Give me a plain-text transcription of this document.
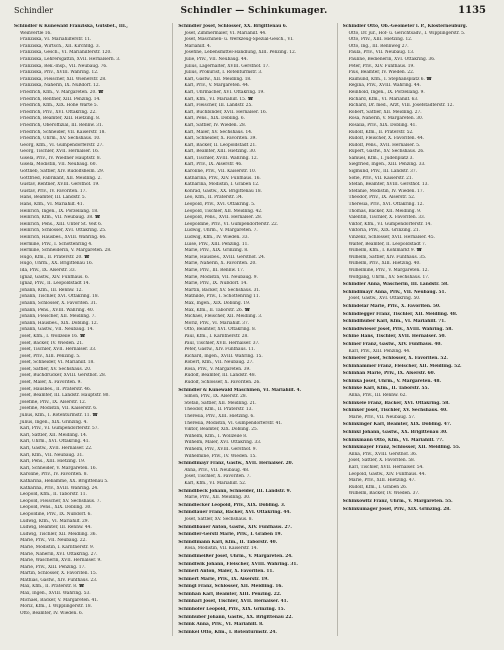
Schindler	Schindler — Schinkumager.	1135
Schindler & Kunewald Franziska, Gutsbef., III.,
Weinvertle 16.
Franziska, VI. Mariahilferstr. 11.
Franziska, Wirtsch., XII. Kirchfdg. 3.
Franziska, Gesch., VI. Mariahilferstr. 120.
Franziska, Lehrersgattin, XVII. Hernalserh. 3.
Franziska, Rek.-Insp., VII. Neubaug. 76.
Franziska, Priv., XVIII. Währing. 12.
Franziska, Fleischer, XII. Wienerstr. 28.
Franziska, Näherin, IX. Nußdorf. 12.
Friedrich, Kfm., V. Margareten. 20. ☎
Friedrich, Rentner, XIII. Penzing. 14.
Friedrich, Kfm., XIX. Hohe Warte 5.
Friedrich, Priv., XVI. Ottakring. 22.
Friedrich, Beamter, XIII. Hietzing. 8.
Friedrich, Oberoffizial, III. Rennw. 31.
Friedrich, Schneider, VII. Kaiserstr. 18.
Friedrich, Uhrm., XV. Sechshaus. 10.
Georg, Kfm., VI. Gumpendorferstr. 27.
Georg, Tischler, XVII. Hernalser. 16.
Gisela, Priv., IV. Wiedner Hauptstr. 8.
Gisela, Modistin, VII. Neubaug. 60.
Gottlieb, Sattler, XIV. Rudolfsheim. 29.
Gottfried, Fabrikant, XII. Meidling. 2.
Gustav, Rentner, XVIII. Gersthof. 19.
Gustav, Priv., IV. Favoriten. 17.
Hans, Beamter, III. Landstr. 5.
Hans, Kfm., VI. Mariahilf. 41.
Heinrich, Ingen., IX. Porzellang. 18.
Heinrich, Kfm., VII. Neubaug. 38. ☎
Heinrich, Pens., XIII. Unter St. Veit 6.
Heinrich, Schlosser, XVI. Ottakring. 25.
Heinrich, Hausbes., XVIII. Währing. 66.
Hermine, Priv., I. Schottenring 4.
Hermine, Schneiderin, V. Margareten. 28.
Hugo, Kfm., II. Praterstr. 20. ☎
Hugo, Uhrm., XX. Brigittenau 16.
Ida, Priv., IX. Alserstr. 33.
Ignaz, Gastw., XIV. Fünfhaus. 6.
Ignaz, Priv., II. Leopoldstadt 14.
Johann, Kfm., III. Rennw. 12.
Johann, Tischler, XVI. Ottakring. 18.
Johann, Schlosser, X. Favoriten. 31.
Johann, Pens., XVIII. Währing. 40.
Johann, Fleischer, XII. Meidling. 7.
Johann, Hausbes., XIX. Döbling. 12.
Johann, Gastw., VII. Neubaug. 14.
Josef, Kfm., I. Wollzeile 16. ☎
Josef, Bäcker, IV. Wieden. 21.
Josef, Tischler, XVII. Hernalser. 33.
Josef, Priv., XIII. Penzing. 5.
Josef, Schneider, VI. Mariahilf. 18.
Josef, Sattler, XV. Sechshaus. 20.
Josef, Buchdrucker, XVIII. Gersthof. 28.
Josef, Maler, X. Favoriten. 9.
Josef, Hausbes., II. Praterstr. 46.
Josef, Beamter, III. Landstr. Hauptstr. 80.
Josefine, Priv., IX. Alserstr. 12.
Josefine, Modistin, VII. Kaiserstr. 6.
Julius, Kfm., I. Rotenturmstr. 11. ☎
Julius, Ingen., XIX. Grinzing. 4.
Karl, Priv., VI. Gumpendorferstr. 57.
Karl, Sattler, XII. Meidling. 14.
Karl, Uhrm., XVI. Ottakring. 41.
Karl, Gastw., XVII. Hernalser. 22.
Karl, Kfm., VII. Neubaug. 31.
Karl, Pens., XIII. Hietzing. 19.
Karl, Schneider, V. Margareten. 16.
Karoline, Priv., IV. Favoriten. 8.
Katharina, Hebamme, XX. Brigittenau 5.
Katharina, Priv., XVIII. Währing. 24.
Leopold, Kfm., II. Taborstr. 11.
Leopold, Fleischer, XV. Sechshaus. 7.
Leopold, Pens., XIX. Döbling. 30.
Leopoldine, Priv., IX. Nußdorf. 6.
Ludwig, Kfm., VI. Mariahilf. 29.
Ludwig, Beamter, III. Rennw. 44.
Ludwig, Tischler, XII. Meidling. 36.
Marie, Priv., VII. Neubaug. 22.
Marie, Modistin, I. Kärntnerstr. 9.
Marie, Näherin, XVI. Ottakring. 27.
Marie, Wäscherin, XVII. Hernalser. 9.
Marie, Priv., XIII. Penzing. 17.
Martin, Schlosser, X. Favoriten. 15.
Mathias, Gastw., XIV. Fünfhaus. 23.
Max, Kfm., II. Praterstr. 8. ☎
Max, Ingen., XVIII. Währing. 53.
Michael, Bäcker, V. Margareten. 41.
Moriz, Kfm., I. Wipplingerstr. 18.
Otto, Beamter, IV. Wieden. 6.
Schindler Josef, Schlosser, XX. Brigittenau 6.
Josef, Zimmermaler, VI. Mariahilf. 44.
Josef, Maschinen- u. Werkzeug-Spezial-Gesch., VI.
Mariahilf. 4.
Josefine, Lebensmittel-Handlung, XIII. Penzing. 12.
Julie, Priv., VII. Neubaug. 44.
Julius, Lagerhalter, XVIII. Gersthof. 17.
Julius, Prokurist, I. Rotenturmstr. 3.
Karl, Gastw., XII. Meidling. 18.
Karl, Priv., V. Margareten. 44.
Karl, Uhrmacher, XVI. Ottakring. 19.
Karl, Kfm., VI. Mariahilf. 15. ☎
Karl, Fleischer, III. Landstr. 25.
Karl, Buchbinder, XVII. Hernalser. 16.
Karl, Pens., XIX. Döbling. 6.
Karl, Sattler, IV. Wieden. 28.
Karl, Maler, XV. Sechshaus. 14.
Karl, Schneider, X. Favoriten. 39.
Karl, Bäcker, II. Leopoldstadt 21.
Karl, Beamter, XIII. Hietzing. 30.
Karl, Tischler, XVIII. Währing. 12.
Karl, Priv., IX. Alserstr. 46.
Karoline, Priv., VII. Kaiserstr. 10.
Katharina, Priv., XIV. Fünfhaus. 16.
Katharina, Modistin, I. Graben 12.
Konrad, Gastw., XX. Brigittenau 18.
Leo, Kfm., II. Praterstr. 34.
Leopold, Priv., XVI. Ottakring. 5.
Leopold, Tischler, XII. Meidling. 42.
Leopold, Pens., XVII. Hernalser. 28.
Leopoldine, Priv., VI. Gumpendorferstr. 22.
Ludwig, Uhrm., V. Margareten. 7.
Ludwig, Kfm., IV. Wieden. 33.
Luise, Priv., XIII. Penzing. 11.
Marie, Priv., XIX. Grinzing. 8.
Marie, Hausbes., XVIII. Gersthof. 24.
Marie, Näherin, X. Favoriten. 20.
Marie, Priv., III. Rennw. 17.
Marie, Modistin, VII. Neubaug. 9.
Marie, Priv., IX. Nußdorf. 14.
Martin, Bäcker, XV. Sechshaus. 31.
Mathilde, Priv., I. Schottenring 11.
Max, Ingen., XIX. Döbling. 19.
Max, Kfm., II. Taborstr. 26. ☎
Michael, Fleischer, XII. Meidling. 3.
Moriz, Priv., VI. Mariahilf. 37.
Otto, Beamter, XVI. Ottakring. 8.
Paul, Kfm., I. Kärntnerstr. 28.
Paul, Tischler, XVII. Hernalser. 37.
Peter, Gastw., XIV. Fünfhaus. 11.
Richard, Ingen., XVIII. Währing. 15.
Robert, Kfm., VII. Neubaug. 27.
Rosa, Priv., V. Margareten. 39.
Rudolf, Beamter, III. Landstr. 48.
Rudolf, Schlosser, X. Favoriten. 26.
Schindler & Kunewald Maschinen, VI. Mariahilf. 4.
Simon, Priv., IX. Alserstr. 28.
Stefan, Sattler, XII. Meidling. 21.
Theodor, Kfm., II. Praterstr. 13.
Theresia, Priv., XIII. Hietzing. 6.
Theresia, Modistin, VI. Gumpendorferstr. 41.
Viktor, Beamter, XIX. Döbling. 25.
Wilhelm, Kfm., I. Wollzeile 8.
Wilhelm, Maler, XVI. Ottakring. 33.
Wilhelm, Priv., XVIII. Gersthof. 9.
Wilhelmine, Priv., IV. Wieden. 15.
Schindlmayr Franz, Gastw., XVII. Hernalser. 20.
Anna, Priv., VII. Neubaug. 48.
Josef, Tischler, X. Favoriten. 7.
Karl, Kfm., VI. Mariahilf. 52.
Schindlbeck Johann, Schneider, III. Landstr. 9.
Marie, Priv., XII. Meidling. 30.
Schindlecker Leopold, Priv., XIX. Döbling. 3.
Schindlauer Franz, Bäcker, XVI. Ottakring. 44.
Josef, Sattler, XV. Sechshaus. 8.
Schindlbauer Anton, Gastw., XIV. Fünfhaus. 27.
Schindler-Gerstl Marie, Priv., I. Graben 19.
Schindlmann Karl, Kfm., II. Taborstr. 40.
Rosa, Modistin, VII. Kaiserstr. 14.
Schindlmeißer Josef, Uhrm., V. Margareten. 24.
Schindlwik Johann, Fleischer, XVIII. Währing. 31.
Schinerl Anton, Maler, X. Favoriten. 11.
Schinert Marie, Priv., IX. Alserstr. 19.
Schingl Franz, Schlosser, XII. Meidling. 16.
Schinhan Karl, Beamter, XIII. Penzing. 22.
Schinharl Josef, Tischler, XVII. Hernalser. 41.
Schinhofer Leopold, Priv., XIX. Grinzing. 15.
Schinhuber Johann, Gastw., XX. Brigittenau 22.
Schink Anna, Priv., VI. Mariahilf. 8.
Schinkel Otto, Kfm., I. Rotenturmstr. 24.
Schindler Otto, Ob.-Geometer i. P., Klosterneuburg.
Otto, Dr. jur., Hof- u. Gerichtsadv., I. Wipplingerstr. 5.
Otto, Priv., XIII. Hietzing. 12.
Otto, Ing., III. Rennweg 27.
Paula, Priv., VII. Neubaug. 13.
Pauline, Bedienerin, XVI. Ottakring. 36.
Peter, Priv., XIV. Fünfhaus. 19.
Pius, Beamter, IV. Wieden. 22.
Raimund, Kfm., I. Stephansplatz 6. ☎
Regina, Priv., XVIII. Währing. 44.
Reinhold, Ingen., IX. Porzellang. 9.
Richard, Kfm., VI. Mariahilf. 63.
Richard, Dr. med., Arzt, VIII. Josefstädterstr. 12.
Robert, Sattler, XII. Meidling. 27.
Rosa, Näherin, V. Margareten. 30.
Rosalia, Priv., XIX. Döbling. 41.
Rudolf, Kfm., II. Praterstr. 52.
Rudolf, Fleischer, X. Favoriten. 44.
Rudolf, Pens., XVII. Hernalser. 5.
Rupert, Gastw., XV. Sechshaus. 26.
Samuel, Kfm., I. Judenplatz 3.
Siegfried, Ingen., XIII. Penzing. 33.
Sigmund, Priv., III. Landstr. 37.
Sofie, Priv., VII. Kaiserstr. 21.
Stefan, Beamter, XVIII. Gersthof. 13.
Stefanie, Modistin, IV. Wieden. 17.
Theodor, Priv., IX. Alserstr. 52.
Theresia, Priv., XVI. Ottakring. 12.
Thomas, Bäcker, XII. Meidling. 9.
Valentin, Tischler, X. Favoriten. 33.
Viktor, Kfm., VI. Gumpendorferstr. 14.
Viktoria, Priv., XIX. Grinzing. 21.
Vinzenz, Schlosser, XVII. Hernalser. 45.
Walter, Beamter, II. Leopoldstadt 7.
Wilhelm, Kfm., I. Kohlmarkt 9. ☎
Wilhelm, Sattler, XIV. Fünfhaus. 35.
Wilhelm, Priv., XIII. Hietzing. 40.
Wilhelmine, Priv., V. Margareten. 12.
Wolfgang, Uhrm., XV. Sechshaus. 17.
Schindler Anna, Wäscherin, III. Landstr. 58.
Schindlmayr Anna, Priv., VII. Neubaug. 51.
Josef, Gastw., XVI. Ottakring. 50.
Schindelar Marie, Priv., X. Favoriten. 50.
Schindlegger Franz, Tischler, XII. Meidling. 48.
Schindlhuber Karl, Kfm., VI. Mariahilf. 71.
Schindlwieser Josef, Priv., XVIII. Währing. 58.
Schine Hans, Tischler, XVII. Hernalser. 50.
Schiner Franz, Gastw., XIV. Fünfhaus. 40.
Karl, Priv., XIII. Penzing. 44.
Schinerer Josef, Schlosser, X. Favoriten. 52.
Schinhammer Franz, Fleischer, XII. Meidling. 52.
Schinhan Marie, Priv., IX. Alserstr. 60.
Schinka Josef, Uhrm., V. Margareten. 48.
Schinke Karl, Kfm., II. Taborstr. 55.
Anna, Priv., III. Rennw. 62.
Schinkele Franz, Bäcker, XVI. Ottakring. 58.
Schinker Josef, Tischler, XV. Sechshaus. 40.
Marie, Priv., VII. Neubaug. 57.
Schinkinger Karl, Beamter, XIX. Döbling. 47.
Schinkl Johann, Gastw., XX. Brigittenau 30.
Schinkmann Otto, Kfm., VI. Mariahilf. 77.
Schinkmayer Franz, Schlosser, XII. Meidling. 55.
Anna, Priv., XVIII. Gersthof. 36.
Josef, Sattler, X. Favoriten. 58.
Karl, Tischler, XVII. Hernalser. 54.
Leopold, Gastw., XIV. Fünfhaus. 44.
Marie, Priv., XIII. Hietzing. 47.
Rudolf, Kfm., I. Graben 26.
Wilhelm, Bäcker, IV. Wieden. 37.
Schinkowitz Franz, Uhrm., V. Margareten. 55.
Schinkumager Josef, Priv., XIX. Grinzing. 28.
